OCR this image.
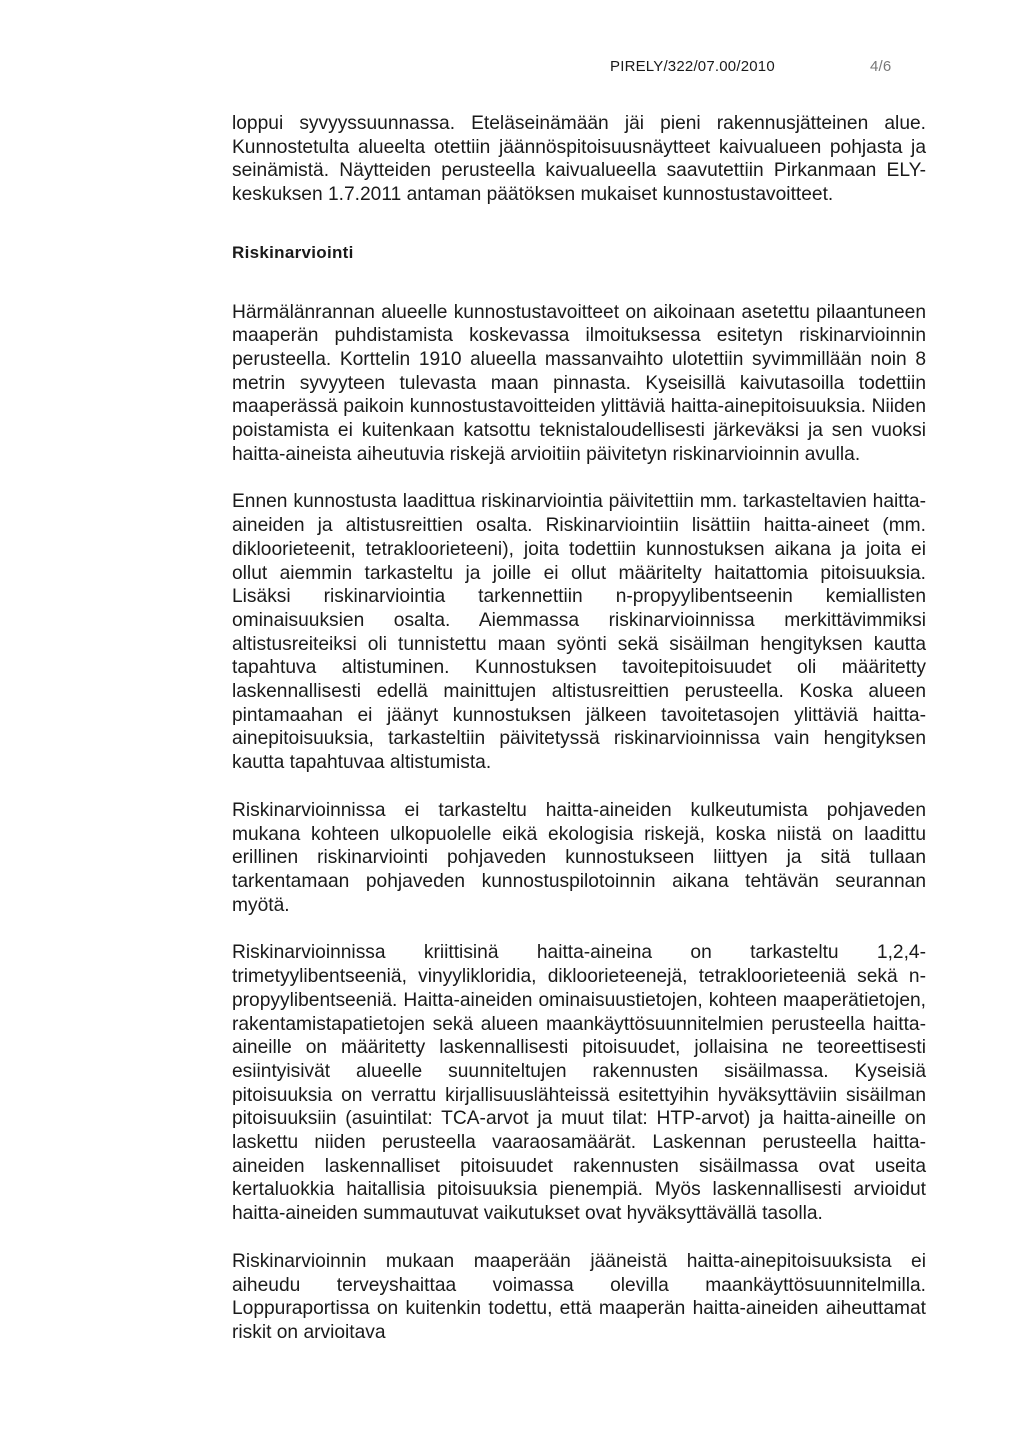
PIRELY/322/07.00/2010	4/6

loppui syvyyssuunnassa. Eteläseinämään jäi pieni rakennusjätteinen alue. Kunnostetulta alueelta otettiin jäännöspitoisuusnäytteet kaivualueen pohjasta ja seinämistä. Näytteiden perusteella kaivualueella saavutettiin Pirkanmaan ELY-keskuksen 1.7.2011 antaman päätöksen mukaiset kunnostustavoitteet.

Riskinarviointi

Härmälänrannan alueelle kunnostustavoitteet on aikoinaan asetettu pilaantuneen maaperän puhdistamista koskevassa ilmoituksessa esitetyn riskinarvioinnin perusteella. Korttelin 1910 alueella massanvaihto ulotettiin syvimmillään noin 8 metrin syvyyteen tulevasta maan pinnasta. Kyseisillä kaivutasoilla todettiin maaperässä paikoin kunnostustavoitteiden ylittäviä haitta-ainepitoisuuksia. Niiden poistamista ei kuitenkaan katsottu teknistaloudellisesti järkeväksi ja sen vuoksi haitta-aineista aiheutuvia riskejä arvioitiin päivitetyn riskinarvioinnin avulla.

Ennen kunnostusta laadittua riskinarviointia päivitettiin mm. tarkasteltavien haitta-aineiden ja altistusreittien osalta. Riskinarviointiin lisättiin haitta-aineet (mm. dikloorieteenit, tetrakloorieteeni), joita todettiin kunnostuksen aikana ja joita ei ollut aiemmin tarkasteltu ja joille ei ollut määritelty haitattomia pitoisuuksia. Lisäksi riskinarviointia tarkennettiin n-propyylibentseenin kemiallisten ominaisuuksien osalta. Aiemmassa riskinarvioinnissa merkittävimmiksi altistusreiteiksi oli tunnistettu maan syönti sekä sisäilman hengityksen kautta tapahtuva altistuminen. Kunnostuksen tavoitepitoisuudet oli määritetty laskennallisesti edellä mainittujen altistusreittien perusteella. Koska alueen pintamaahan ei jäänyt kunnostuksen jälkeen tavoitetasojen ylittäviä haitta-ainepitoisuuksia, tarkasteltiin päivitetyssä riskinarvioinnissa vain hengityksen kautta tapahtuvaa altistumista.

Riskinarvioinnissa ei tarkasteltu haitta-aineiden kulkeutumista pohjaveden mukana kohteen ulkopuolelle eikä ekologisia riskejä, koska niistä on laadittu erillinen riskinarviointi pohjaveden kunnostukseen liittyen ja sitä tullaan tarkentamaan pohjaveden kunnostuspilotoinnin aikana tehtävän seurannan myötä.

Riskinarvioinnissa kriittisinä haitta-aineina on tarkasteltu 1,2,4-trimetyylibentseeniä, vinyylikloridia, dikloorieteenejä, tetrakloorieteeniä sekä n-propyylibentseeniä. Haitta-aineiden ominaisuustietojen, kohteen maaperätietojen, rakentamistapatietojen sekä alueen maankäyttösuunnitelmien perusteella haitta-aineille on määritetty laskennallisesti pitoisuudet, jollaisina ne teoreettisesti esiintyisivät alueelle suunniteltujen rakennusten sisäilmassa. Kyseisiä pitoisuuksia on verrattu kirjallisuuslähteissä esitettyihin hyväksyttäviin sisäilman pitoisuuksiin (asuintilat: TCA-arvot ja muut tilat: HTP-arvot) ja haitta-aineille on laskettu niiden perusteella vaaraosamäärät. Laskennan perusteella haitta-aineiden laskennalliset pitoisuudet rakennusten sisäilmassa ovat useita kertaluokkia haitallisia pitoisuuksia pienempiä. Myös laskennallisesti arvioidut haitta-aineiden summautuvat vaikutukset ovat hyväksyttävällä tasolla.

Riskinarvioinnin mukaan maaperään jääneistä haitta-ainepitoisuuksista ei aiheudu terveyshaittaa voimassa olevilla maankäyttösuunnitelmilla. Loppuraportissa on kuitenkin todettu, että maaperän haitta-aineiden aiheuttamat riskit on arvioitava
